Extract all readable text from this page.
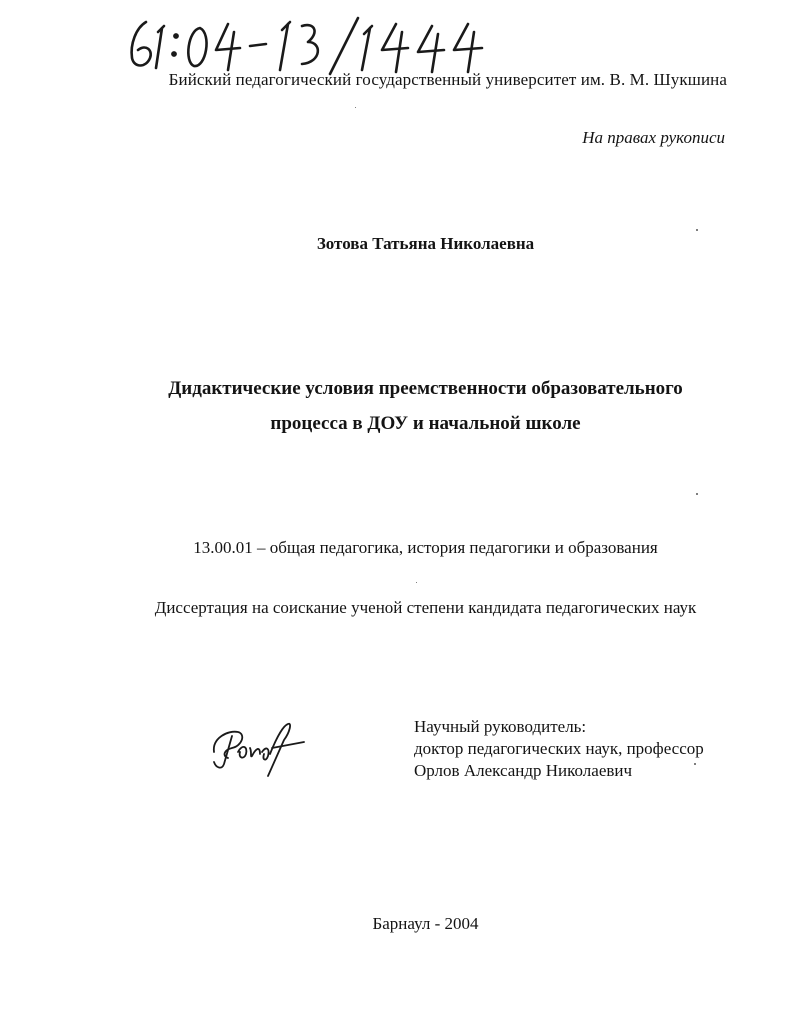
Бийский педагогический государственный университет им. В. М. Шукшина
На правах рукописи
Зотова Татьяна Николаевна
Дидактические условия преемственности образовательного
процесса в ДОУ и начальной школе
13.00.01 – общая педагогика, история педагогики и образования
Диссертация на соискание ученой степени кандидата педагогических наук
Научный руководитель:
доктор педагогических наук, профессор
Орлов Александр Николаевич
Барнаул - 2004
